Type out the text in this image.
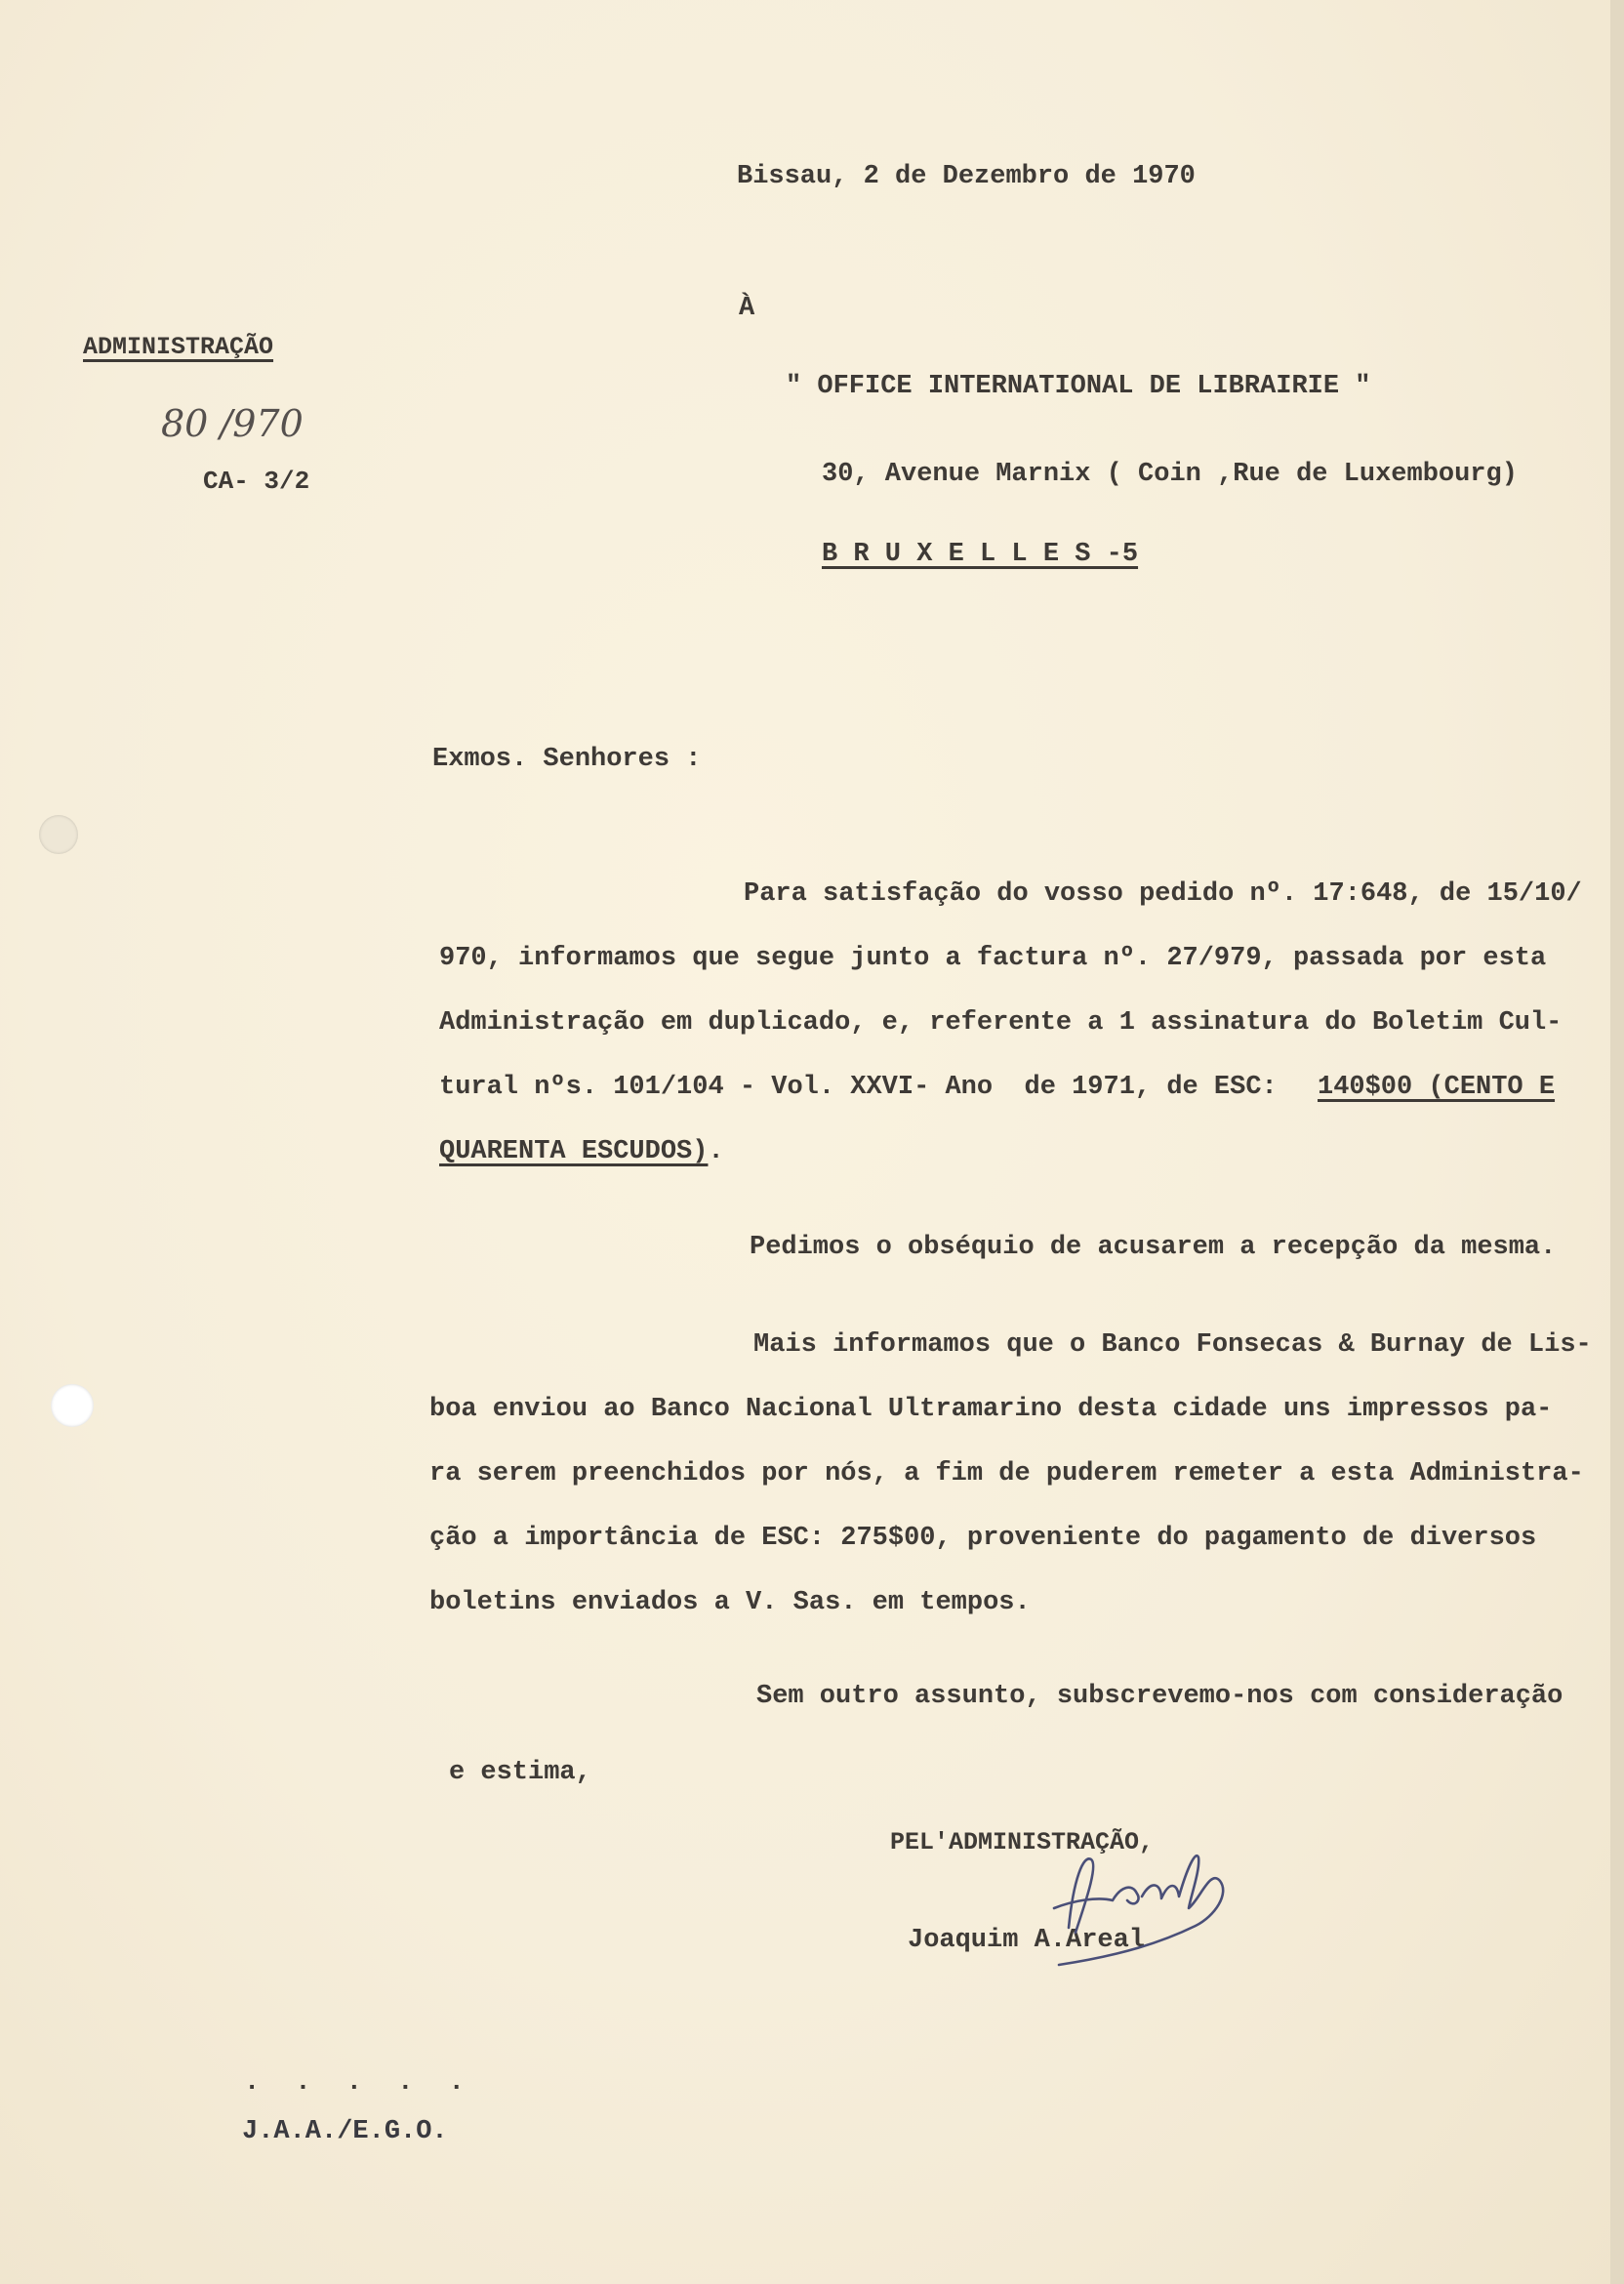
Bissau, 2 de Dezembro de 1970
À
ADMINISTRAÇÃO
80 /970
CA- 3/2
" OFFICE INTERNATIONAL DE LIBRAIRIE "
30, Avenue Marnix ( Coin ,Rue de Luxembourg)
B R U X E L L E S -5
Exmos. Senhores :
Para satisfação do vosso pedido nº. 17:648, de 15/10/
970, informamos que segue junto a factura nº. 27/979, passada por esta
Administração em duplicado, e, referente a 1 assinatura do Boletim Cul-
tural nºs. 101/104 - Vol. XXVI- Ano  de 1971, de ESC: 140$00 (CENTO E
QUARENTA ESCUDOS).
Pedimos o obséquio de acusarem a recepção da mesma.
Mais informamos que o Banco Fonsecas & Burnay de Lis-
boa enviou ao Banco Nacional Ultramarino desta cidade uns impressos pa-
ra serem preenchidos por nós, a fim de puderem remeter a esta Administra-
ção a importância de ESC: 275$00, proveniente do pagamento de diversos
boletins enviados a V. Sas. em tempos.
Sem outro assunto, subscrevemo-nos com consideração
e estima,
PEL'ADMINISTRAÇÃO,
Joaquim A.Areal
. . . . .
J.A.A./E.G.O.
